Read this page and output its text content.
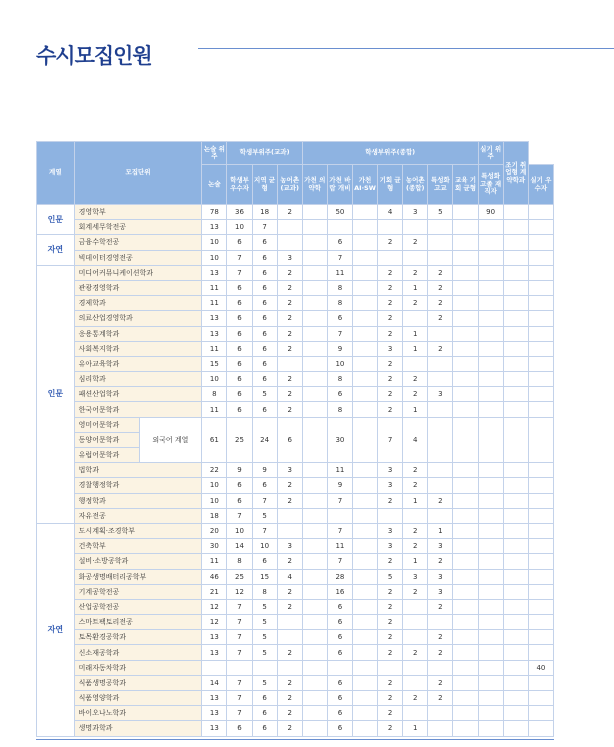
수시모집인원
계열	모집단위		논술 위주	학생부위주(교과)			학생부위주(종합)							실기 위주	조기 취업형 계약학과	
			논술	학생부 우수자	지역 균형	농어촌 (교과)	가천 의약학	가천 바람 개비	가천 AI·SW	기회 균형	농어촌 (종합)	특성화 고교	교육 기회 균형	특성화 고졸 재직자		실기 우수자
인문	경영학부		78	36	18	2		50		4	3	5		90		
	회계세무학전공		13	10	7											
자연	금융수학전공		10	6	6			6		2	2					
	빅데이터경영전공		10	7	6	3		7								
인문	미디어커뮤니케이션학과		13	7	6	2		11		2	2	2				
	관광경영학과		11	6	6	2		8		2	1	2				
	경제학과		11	6	6	2		8		2	2	2				
	의료산업경영학과		13	6	6	2		6		2		2				
	응용통계학과		13	6	6	2		7		2	1					
	사회복지학과		11	6	6	2		9		3	1	2				
	유아교육학과		15	6	6			10		2						
	심리학과		10	6	6	2		8		2	2					
	패션산업학과		8	6	5	2		6		2	2	3				
	한국어문학과		11	6	6	2		8		2	1					
	영미어문학과	외국어 계열	61	25	24	6		30		7	4					
	동양어문학과															
	유럽어문학과															
	법학과		22	9	9	3		11		3	2					
	경찰행정학과		10	6	6	2		9		3	2					
	행정학과		10	6	7	2		7		2	1	2				
	자유전공		18	7	5											
자연	도시계획·조경학부		20	10	7			7		3	2	1				
	건축학부		30	14	10	3		11		3	2	3				
	설비·소방공학과		11	8	6	2		7		2	1	2				
	화공생명배터리공학부		46	25	15	4		28		5	3	3				
	기계공학전공		21	12	8	2		16		2	2	3				
	산업공학전공		12	7	5	2		6		2		2				
	스마트팩토리전공		12	7	5			6		2						
	토목환경공학과		13	7	5			6		2		2				
	신소재공학과		13	7	5	2		6		2	2	2				
	미래자동차학과															40
	식품생명공학과		14	7	5	2		6		2		2				
	식품영양학과		13	7	6	2		6		2	2	2				
	바이오나노학과		13	7	6	2		6		2						
	생명과학과		13	6	6	2		6		2	1					
